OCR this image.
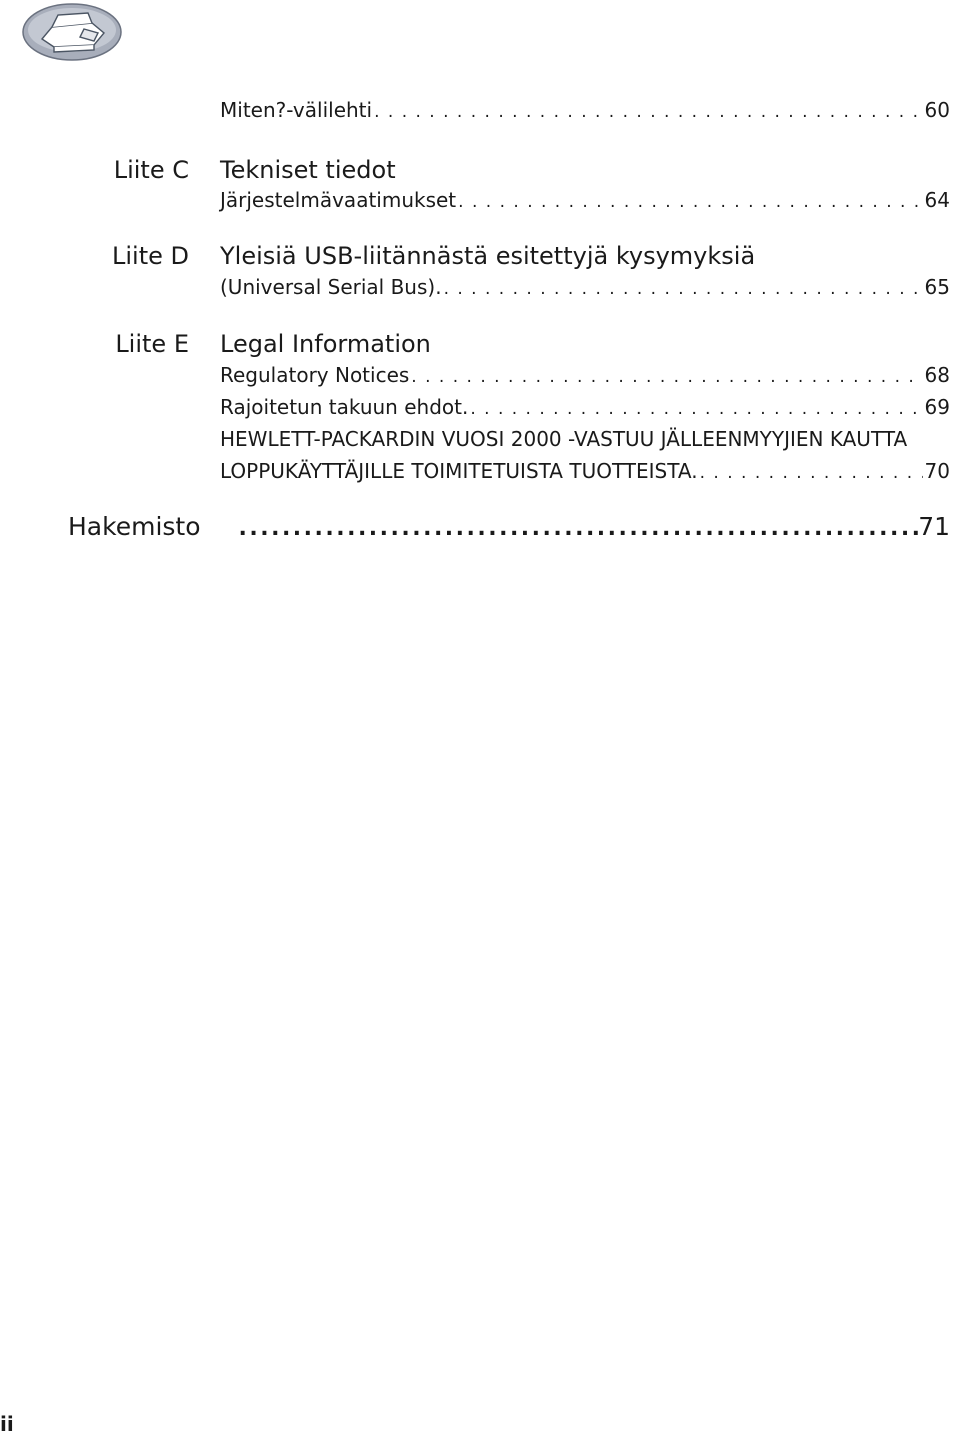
Miten?-välilehti . . .	60
Liite C Tekniset tiedot
Järjestelmävaatimukset . . .	64
Liite D Yleisiä USB-liitännästä esitettyjä kysymyksiä
(Universal Serial Bus). . . .	65
Liite E Legal Information
Regulatory Notices . . .	68
Rajoitetun takuun ehdot. . . .	69
HEWLETT-PACKARDIN VUOSI 2000 -VASTUU JÄLLEENMYYJIEN KAUTTA
LOPPUKÄYTTÄJILLE TOIMITETUISTA TUOTTEISTA. . . .	70
Hakemisto .....	71
ii
